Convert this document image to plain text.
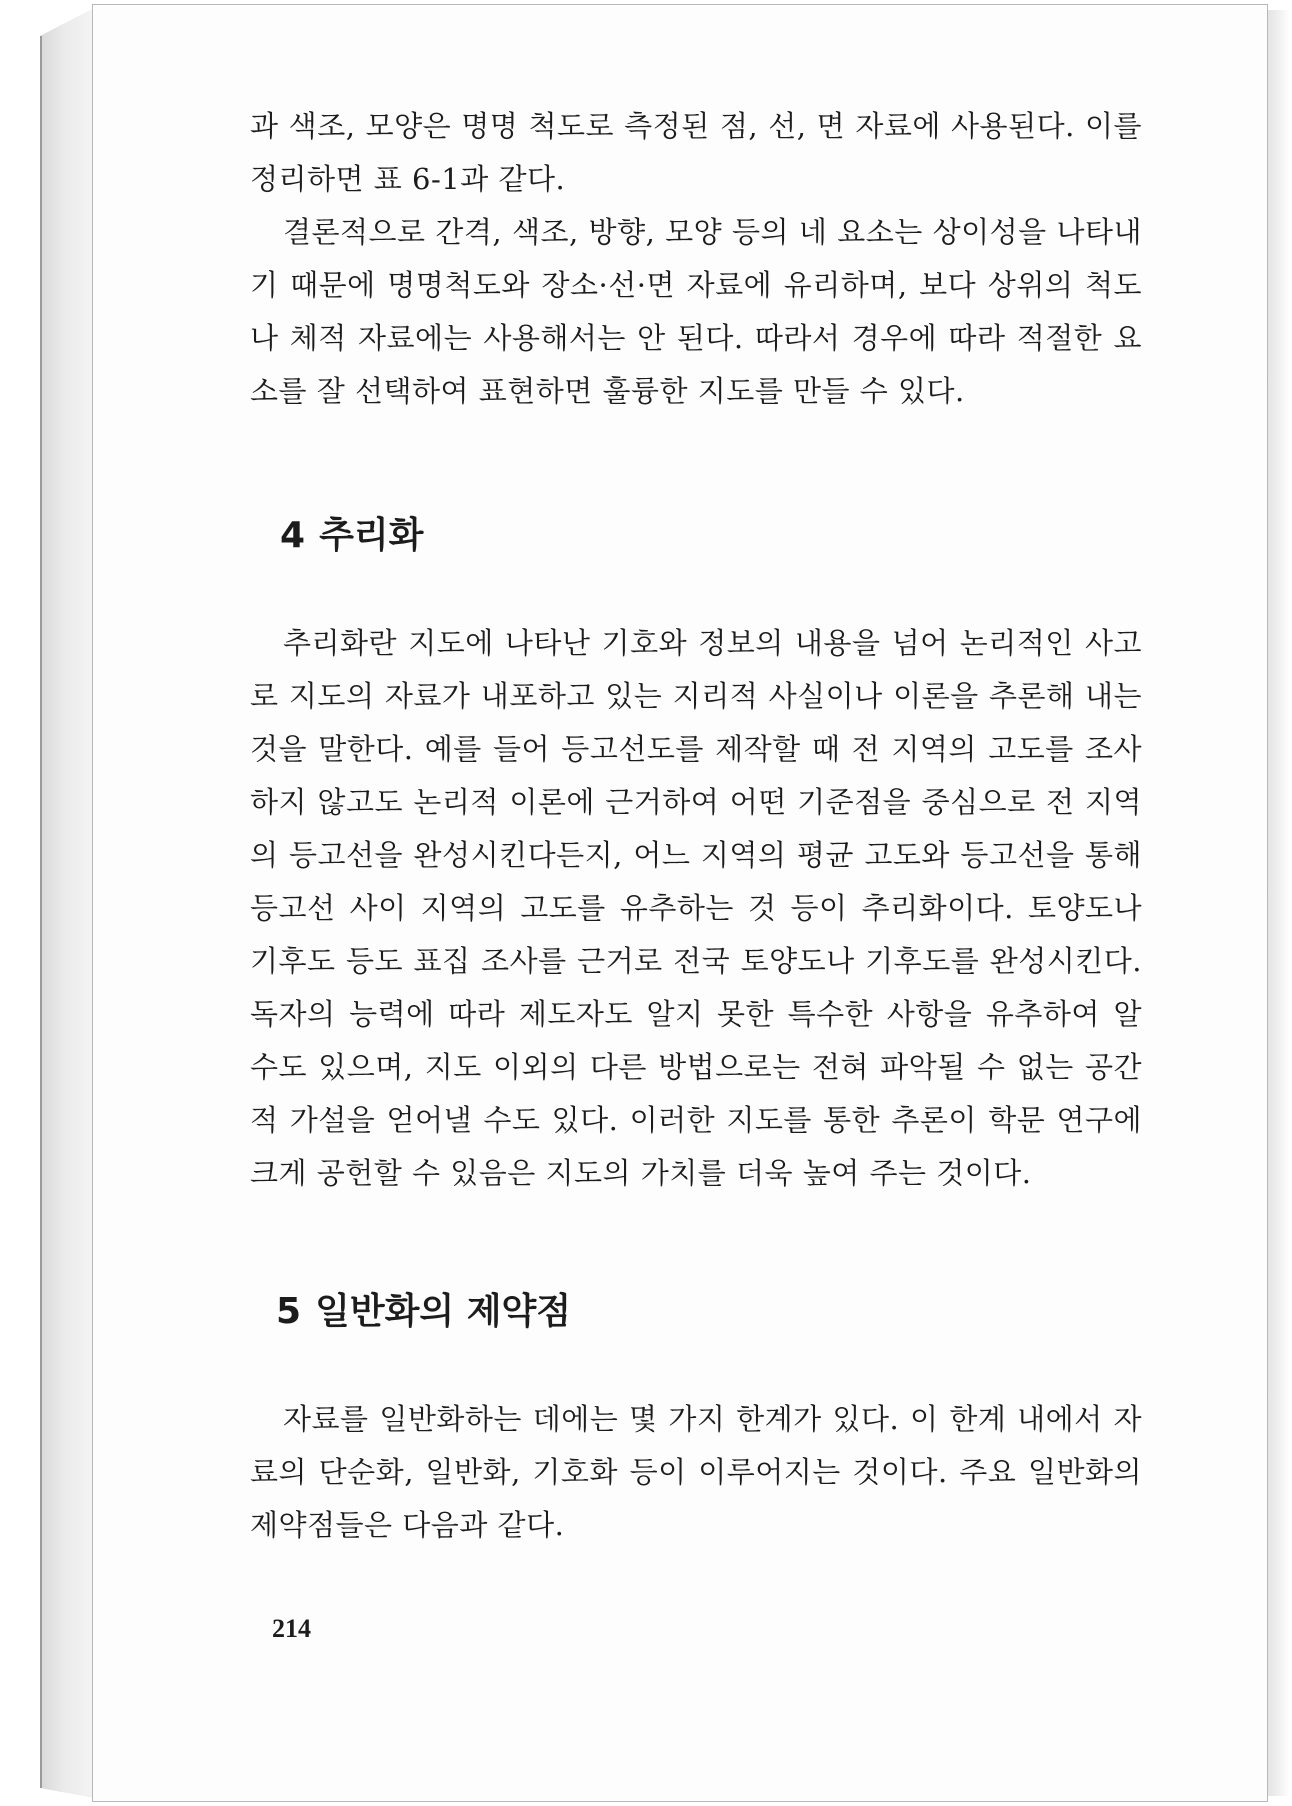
과 색조, 모양은 명명 척도로 측정된 점, 선, 면 자료에 사용된다. 이를 정리하면 표 6-1과 같다.

결론적으로 간격, 색조, 방향, 모양 등의 네 요소는 상이성을 나타내기 때문에 명명척도와 장소·선·면 자료에 유리하며, 보다 상위의 척도나 체적 자료에는 사용해서는 안 된다. 따라서 경우에 따라 적절한 요소를 잘 선택하여 표현하면 훌륭한 지도를 만들 수 있다.

4 추리화

추리화란 지도에 나타난 기호와 정보의 내용을 넘어 논리적인 사고로 지도의 자료가 내포하고 있는 지리적 사실이나 이론을 추론해 내는 것을 말한다. 예를 들어 등고선도를 제작할 때 전 지역의 고도를 조사하지 않고도 논리적 이론에 근거하여 어떤 기준점을 중심으로 전 지역의 등고선을 완성시킨다든지, 어느 지역의 평균 고도와 등고선을 통해 등고선 사이 지역의 고도를 유추하는 것 등이 추리화이다. 토양도나 기후도 등도 표집 조사를 근거로 전국 토양도나 기후도를 완성시킨다. 독자의 능력에 따라 제도자도 알지 못한 특수한 사항을 유추하여 알 수도 있으며, 지도 이외의 다른 방법으로는 전혀 파악될 수 없는 공간적 가설을 얻어낼 수도 있다. 이러한 지도를 통한 추론이 학문 연구에 크게 공헌할 수 있음은 지도의 가치를 더욱 높여 주는 것이다.

5 일반화의 제약점

자료를 일반화하는 데에는 몇 가지 한계가 있다. 이 한계 내에서 자료의 단순화, 일반화, 기호화 등이 이루어지는 것이다. 주요 일반화의 제약점들은 다음과 같다.

214
